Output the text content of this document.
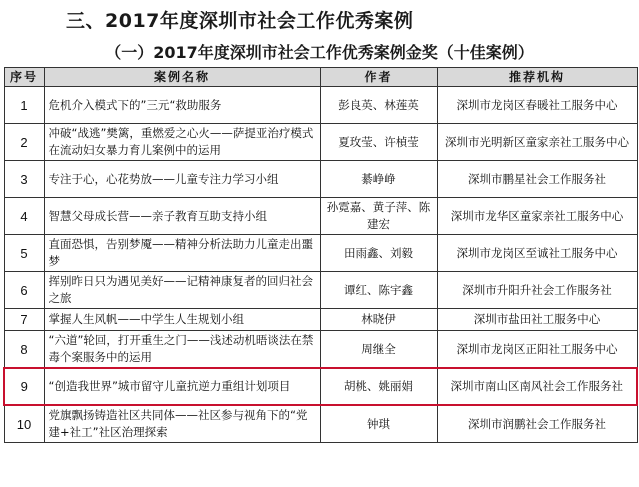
三、2017年度深圳市社会工作优秀案例
（一）2017年度深圳市社会工作优秀案例金奖（十佳案例）
序号	案例名称	作者	推荐机构
1	危机介入模式下的”三元“救助服务	彭良英、林莲英	深圳市龙岗区春暖社工服务中心
2	冲破“战逃”樊篱，重燃爱之心火——萨提亚治疗模式在流动妇女暴力育儿案例中的运用	夏玫莹、许楨莹	深圳市光明新区童家亲社工服务中心
3	专注于心，心花势放——儿童专注力学习小组	綦峥峥	深圳市鹏星社会工作服务社
4	智慧父母成长营——亲子教育互助支持小组	孙霓嘉、黄子萍、陈建宏	深圳市龙华区童家亲社工服务中心
5	直面恐惧，告别梦魇——精神分析法助力儿童走出噩梦	田雨鑫、刘毅	深圳市龙岗区至诚社工服务中心
6	挥别昨日只为遇见美好——记精神康复者的回归社会之旅	谭红、陈宇鑫	深圳市升阳升社会工作服务社
7	掌握人生风帆——中学生人生规划小组	林晓伊	深圳市盐田社工服务中心
8	“六道”轮回，打开重生之门——浅述动机晤谈法在禁毒个案服务中的运用	周继全	深圳市龙岗区正阳社工服务中心
9	“创造我世界”城市留守儿童抗逆力重组计划项目	胡桃、姚丽娟	深圳市南山区南风社会工作服务社
10	党旗飘扬铸造社区共同体——社区参与视角下的“党建+社工”社区治理探索	钟琪	深圳市润鹏社会工作服务社
